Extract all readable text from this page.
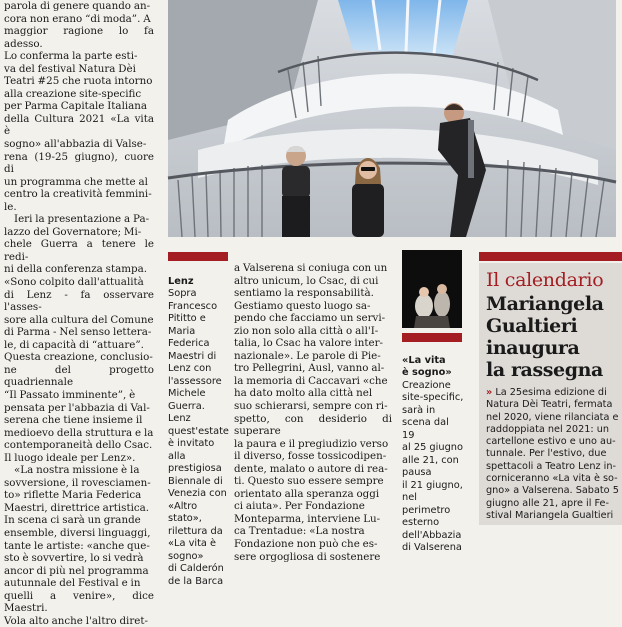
parola di genere quando an-
cora non erano “di moda”. A
maggior ragione lo fa adesso.
Lo conferma la parte esti-
va del festival Natura Dèi
Teatri #25 che ruota intorno
alla creazione site-specific
per Parma Capitale Italiana
della Cultura 2021 «La vita è
sogno» all'abbazia di Valse-
rena (19-25 giugno), cuore di
un programma che mette al
centro la creatività femmini-
le.

Ieri la presentazione a Pa-
lazzo del Governatore; Mi-
chele Guerra a tenere le redi-
ni della conferenza stampa.
«Sono colpito dall'attualità
di Lenz - fa osservare l'asses-
sore alla cultura del Comune
di Parma - Nel senso lettera-
le, di capacità di “attuare”.
Questa creazione, conclusio-
ne del progetto quadriennale
“Il Passato imminente”, è
pensata per l'abbazia di Val-
serena che tiene insieme il
medioevo della struttura e la
contemporaneità dello Csac.
Il luogo ideale per Lenz».

«La nostra missione è la
sovversione, il rovesciamen-
to» riflette Maria Federica
Maestri, direttrice artistica.
In scena ci sarà un grande
ensemble, diversi linguaggi,
tante le artiste: «anche que-
sto è sovvertire, lo si vedrà
ancor di più nel programma
autunnale del Festival e in
quelli a venire», dice Maestri.
Vola alto anche l'altro diret-

Lenz
Sopra
Francesco
Pititto e
Maria
Federica
Maestri di
Lenz con
l'assessore
Michele
Guerra. Lenz
quest'estate
è invitato alla
prestigiosa
Biennale di
Venezia con
«Altro stato»,
rilettura da
«La vita è
sogno»
di Calderón
de la Barca

a Valserena si coniuga con un
altro unicum, lo Csac, di cui
sentiamo la responsabilità.
Gestiamo questo luogo sa-
pendo che facciamo un servi-
zio non solo alla città o all'I-
talia, lo Csac ha valore inter-
nazionale». Le parole di Pie-
tro Pellegrini, Ausl, vanno al-
la memoria di Caccavari «che
ha dato molto alla città nel
suo schierarsi, sempre con ri-
spetto, con desiderio di superare
la paura e il pregiudizio verso
il diverso, fosse tossicodipen-
dente, malato o autore di rea-
ti. Questo suo essere sempre
orientato alla speranza oggi
ci aiuta». Per Fondazione
Monteparma, interviene Lu-
ca Trentadue: «La nostra
Fondazione non può che es-
sere orgogliosa di sostenere

«La vita
è sogno»
Creazione
site-specific,
sarà in
scena dal 19
al 25 giugno
alle 21, con
pausa
il 21 giugno,
nel
perimetro
esterno
dell'Abbazia
di Valserena

Il calendario

Mariangela
Gualtieri
inaugura
la rassegna

» La 25esima edizione di
Natura Dèi Teatri, fermata
nel 2020, viene rilanciata e
raddoppiata nel 2021: un
cartellone estivo e uno au-
tunnale. Per l'estivo, due
spettacoli a Teatro Lenz in-
corniceranno «La vita è so-
gno» a Valserena. Sabato 5
giugno alle 21, apre il Fe-
stival Mariangela Gualtieri
